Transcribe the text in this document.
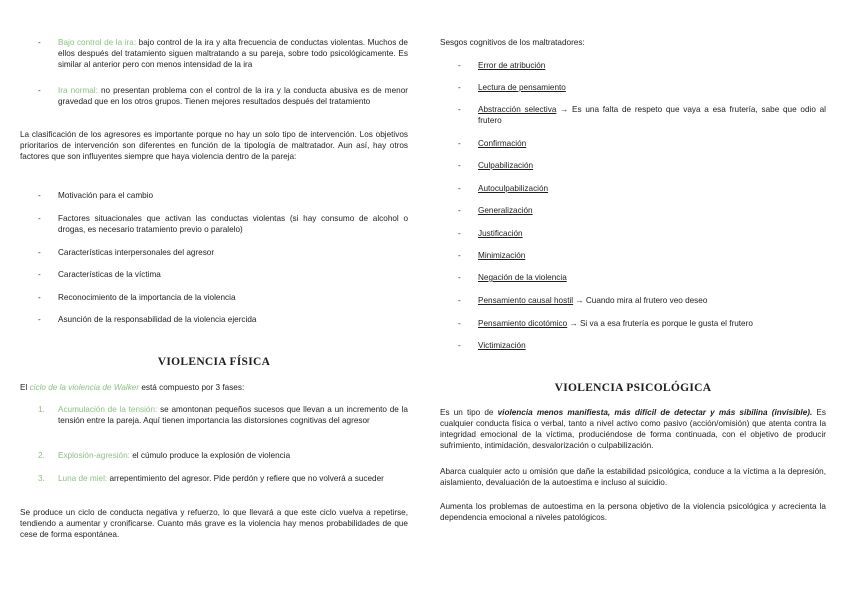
- Bajo control de la ira: bajo control de la ira y alta frecuencia de conductas violentas. Muchos de ellos después del tratamiento siguen maltratando a su pareja, sobre todo psicológicamente. Es similar al anterior pero con menos intensidad de la ira
- Ira normal: no presentan problema con el control de la ira y la conducta abusiva es de menor gravedad que en los otros grupos. Tienen mejores resultados después del tratamiento

La clasificación de los agresores es importante porque no hay un solo tipo de intervención. Los objetivos prioritarios de intervención son diferentes en función de la tipología de maltratador. Aun así, hay otros factores que son influyentes siempre que haya violencia dentro de la pareja:

- Motivación para el cambio
- Factores situacionales que activan las conductas violentas (si hay consumo de alcohol o drogas, es necesario tratamiento previo o paralelo)
- Características interpersonales del agresor
- Características de la víctima
- Reconocimiento de la importancia de la violencia
- Asunción de la responsabilidad de la violencia ejercida
VIOLENCIA FÍSICA

El ciclo de la violencia de Walker está compuesto por 3 fases:

1. Acumulación de la tensión: se amontonan pequeños sucesos que llevan a un incremento de la tensión entre la pareja. Aquí tienen importancia las distorsiones cognitivas del agresor
2. Explosión-agresión: el cúmulo produce la explosión de violencia
3. Luna de miel: arrepentimiento del agresor. Pide perdón y refiere que no volverá a suceder

Se produce un ciclo de conducta negativa y refuerzo, lo que llevará a que este ciclo vuelva a repetirse, tendiendo a aumentar y cronificarse. Cuanto más grave es la violencia hay menos probabilidades de que cese de forma espontánea.

Sesgos cognitivos de los maltratadores:

- Error de atribución
- Lectura de pensamiento
- Abstracción selectiva → Es una falta de respeto que vaya a esa frutería, sabe que odio al frutero
- Confirmación
- Culpabilización
- Autoculpabilización
- Generalización
- Justificación
- Minimización
- Negación de la violencia
- Pensamiento causal hostil → Cuando mira al frutero veo deseo
- Pensamiento dicotómico → Si va a esa frutería es porque le gusta el frutero
- Victimización
VIOLENCIA PSICOLÓGICA

Es un tipo de violencia menos manifiesta, más difícil de detectar y más sibilina (invisible). Es cualquier conducta física o verbal, tanto a nivel activo como pasivo (acción/omisión) que atenta contra la integridad emocional de la víctima, produciéndose de forma continuada, con el objetivo de producir sufrimiento, intimidación, desvalorización o culpabilización.

Abarca cualquier acto u omisión que dañe la estabilidad psicológica, conduce a la víctima a la depresión, aislamiento, devaluación de la autoestima e incluso al suicidio.

Aumenta los problemas de autoestima en la persona objetivo de la violencia psicológica y acrecienta la dependencia emocional a niveles patológicos.
